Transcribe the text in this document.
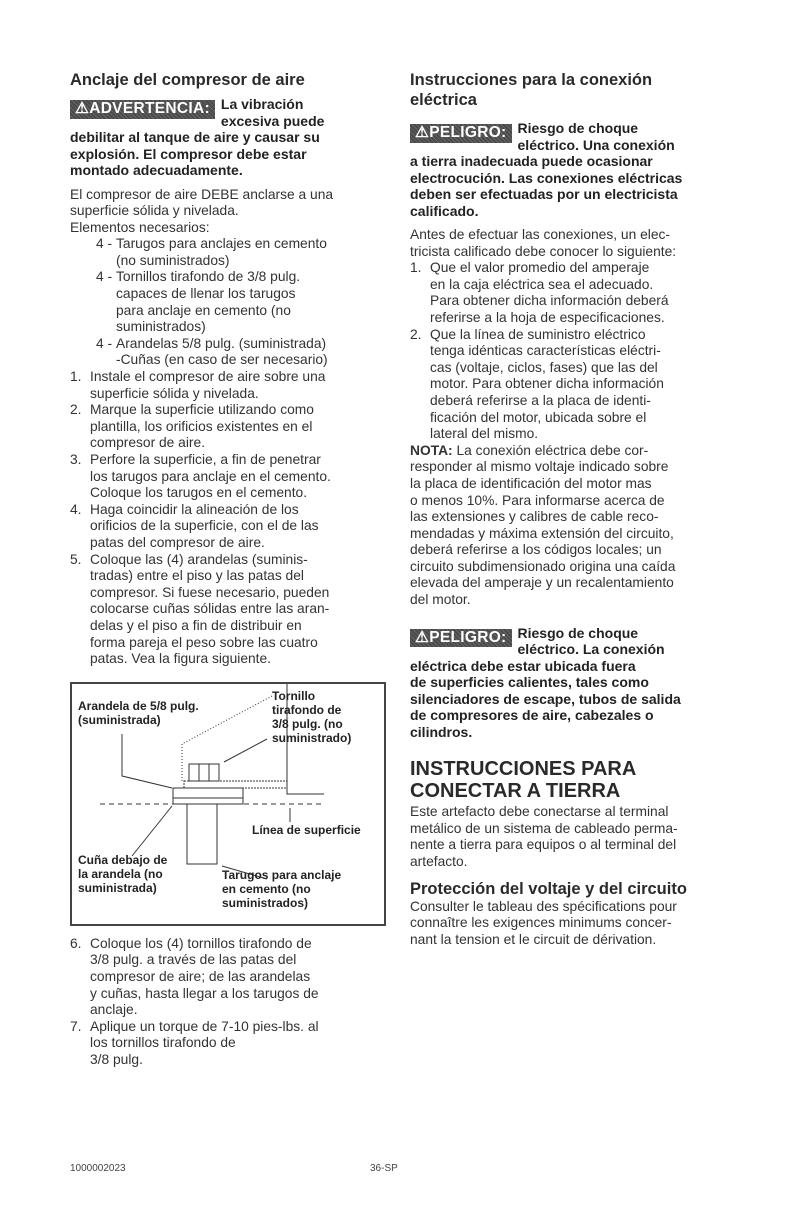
Anclaje del compresor de aire
⚠ADVERTENCIA: La vibración
excesiva puede
debilitar al tanque de aire y causar su
explosión. El compresor debe estar
montado adecuadamente.

El compresor de aire DEBE anclarse a una
superficie sólida y nivelada.
Elementos necesarios:

4 - Tarugos para anclajes en cemento
(no suministrados)
4 - Tornillos tirafondo de 3/8 pulg.
capaces de llenar los tarugos
para anclaje en cemento (no
suministrados)
4 - Arandelas 5/8 pulg. (suministrada)
-Cuñas (en caso de ser necesario)
1. Instale el compresor de aire sobre una
superficie sólida y nivelada.
2. Marque la superficie utilizando como
plantilla, los orificios existentes en el
compresor de aire.
3. Perfore la superficie, a fin de penetrar
los tarugos para anclaje en el cemento.
Coloque los tarugos en el cemento.
4. Haga coincidir la alineación de los
orificios de la superficie, con el de las
patas del compresor de aire.
5. Coloque las (4) arandelas (suminis-
tradas) entre el piso y las patas del
compresor. Si fuese necesario, pueden
colocarse cuñas sólidas entre las aran-
delas y el piso a fin de distribuir en
forma pareja el peso sobre las cuatro
patas. Vea la figura siguiente.
Arandela de 5/8 pulg.
(suministrada)
Tornillo
tirafondo de
3/8 pulg. (no
suministrado)
Línea de superficie
Cuña debajo de
la arandela (no
suministrada)
Tarugos para anclaje
en cemento (no
suministrados)
6. Coloque los (4) tornillos tirafondo de
3/8 pulg. a través de las patas del
compresor de aire; de las arandelas
y cuñas, hasta llegar a los tarugos de
anclaje.
7. Aplique un torque de 7-10 pies-lbs. al
los tornillos tirafondo de
3/8 pulg.
Instrucciones para la conexión
eléctrica
⚠PELIGRO: Riesgo de choque
eléctrico. Una conexión
a tierra inadecuada puede ocasionar
electrocución. Las conexiones eléctricas
deben ser efectuadas por un electricista
calificado.

Antes de efectuar las conexiones, un elec-
tricista calificado debe conocer lo siguiente:

1. Que el valor promedio del amperaje
en la caja eléctrica sea el adecuado.
Para obtener dicha información deberá
referirse a la hoja de especificaciones.
2. Que la línea de suministro eléctrico
tenga idénticas características eléctri-
cas (voltaje, ciclos, fases) que las del
motor. Para obtener dicha información
deberá referirse a la placa de identi-
ficación del motor, ubicada sobre el
lateral del mismo.

NOTA: La conexión eléctrica debe cor-
responder al mismo voltaje indicado sobre
la placa de identificación del motor mas
o menos 10%. Para informarse acerca de
las extensiones y calibres de cable reco-
mendadas y máxima extensión del circuito,
deberá referirse a los códigos locales; un
circuito subdimensionado origina una caída
elevada del amperaje y un recalentamiento
del motor.

⚠PELIGRO: Riesgo de choque
eléctrico. La conexión
eléctrica debe estar ubicada fuera
de superficies calientes, tales como
silenciadores de escape, tubos de salida
de compresores de aire, cabezales o
cilindros.
INSTRUCCIONES PARA
CONECTAR A TIERRA

Este artefacto debe conectarse al terminal
metálico de un sistema de cableado perma-
nente a tierra para equipos o al terminal del
artefacto.

Protección del voltaje y del circuito

Consulter le tableau des spécifications pour
connaître les exigences minimums concer-
nant la tension et le circuit de dérivation.

1000002023	36-SP
